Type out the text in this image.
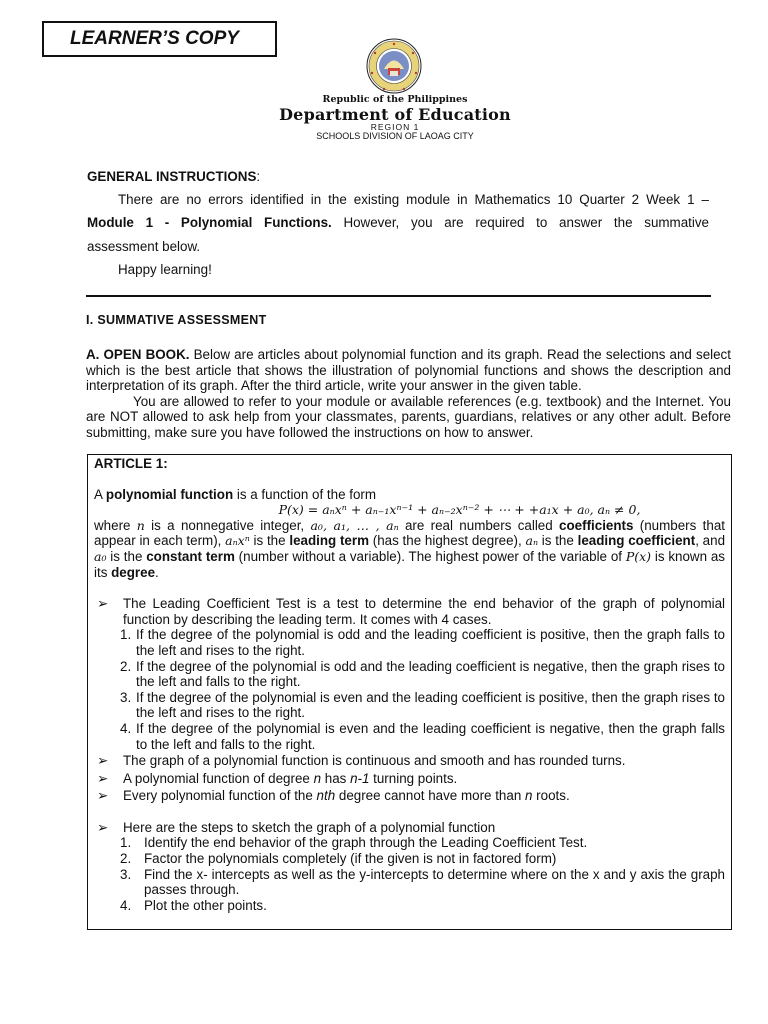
LEARNER’S COPY
Republic of the Philippines
Department of Education
REGION 1
SCHOOLS DIVISION OF LAOAG CITY
GENERAL INSTRUCTIONS:
There are no errors identified in the existing module in Mathematics 10 Quarter 2 Week 1 –
Module 1 - Polynomial Functions. However, you are required to answer the summative
assessment below.
Happy learning!
I. SUMMATIVE ASSESSMENT
A. OPEN BOOK. Below are articles about polynomial function and its graph. Read the selections and select which is the best article that shows the illustration of polynomial functions and shows the description and interpretation of its graph. After the third article, write your answer in the given table.
You are allowed to refer to your module or available references (e.g. textbook) and the Internet. You are NOT allowed to ask help from your classmates, parents, guardians, relatives or any other adult. Before submitting, make sure you have followed the instructions on how to answer.
ARTICLE 1:
A polynomial function is a function of the form
P(x) = aₙxⁿ + aₙ₋₁xⁿ⁻¹ + aₙ₋₂xⁿ⁻² + ⋯ + +a₁x + a₀, aₙ ≠ 0,
where n is a nonnegative integer, a₀, a₁, … , aₙ are real numbers called coefficients (numbers that appear in each term), aₙxⁿ is the leading term (has the highest degree), aₙ is the leading coefficient, and a₀ is the constant term (number without a variable). The highest power of the variable of P(x) is known as its degree.
➢	The Leading Coefficient Test is a test to determine the end behavior of the graph of polynomial function by describing the leading term. It comes with 4 cases.
1. If the degree of the polynomial is odd and the leading coefficient is positive, then the graph falls to the left and rises to the right.
2. If the degree of the polynomial is odd and the leading coefficient is negative, then the graph rises to the left and falls to the right.
3. If the degree of the polynomial is even and the leading coefficient is positive, then the graph rises to the left and rises to the right.
4. If the degree of the polynomial is even and the leading coefficient is negative, then the graph falls to the left and falls to the right.
➢	The graph of a polynomial function is continuous and smooth and has rounded turns.
➢	A polynomial function of degree n has n-1 turning points.
➢	Every polynomial function of the nth degree cannot have more than n roots.
➢	Here are the steps to sketch the graph of a polynomial function
1. Identify the end behavior of the graph through the Leading Coefficient Test.
2. Factor the polynomials completely (if the given is not in factored form)
3. Find the x- intercepts as well as the y-intercepts to determine where on the x and y axis the graph passes through.
4. Plot the other points.
